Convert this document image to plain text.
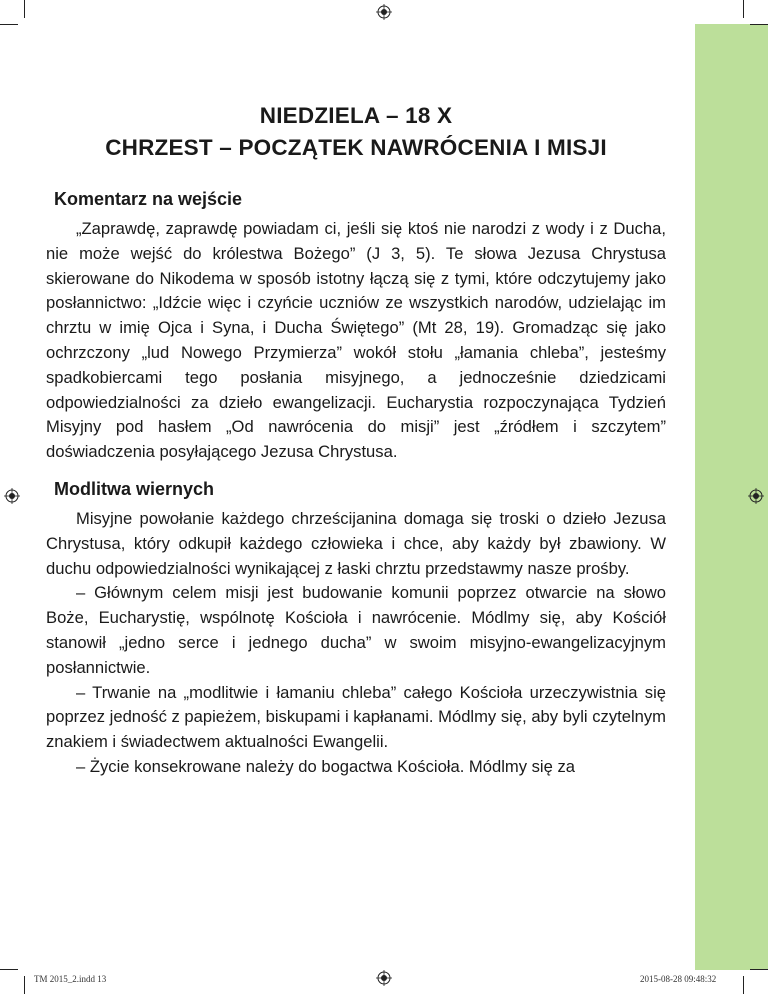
NIEDZIELA – 18 X
CHRZEST – POCZĄTEK NAWRÓCENIA I MISJI
Komentarz na wejście

„Zaprawdę, zaprawdę powiadam ci, jeśli się ktoś nie narodzi z wody i z Ducha, nie może wejść do królestwa Bożego” (J 3, 5). Te słowa Jezusa Chrystusa skierowane do Nikodema w sposób istotny łączą się z tymi, które odczytujemy jako posłannictwo: „Idźcie więc i czyńcie uczniów ze wszystkich narodów, udzielając im chrztu w imię Ojca i Syna, i Ducha Świętego” (Mt 28, 19). Gromadząc się jako ochrzczony „lud Nowego Przymierza” wokół stołu „łamania chleba”, jesteśmy spadkobiercami tego posłania misyjnego, a jednocześnie dziedzicami odpowiedzialności za dzieło ewangelizacji. Eucharystia rozpoczynająca Tydzień Misyjny pod hasłem „Od nawrócenia do misji” jest „źródłem i szczytem” doświadczenia posyłającego Jezusa Chrystusa.

Modlitwa wiernych

Misyjne powołanie każdego chrześcijanina domaga się troski o dzieło Jezusa Chrystusa, który odkupił każdego człowieka i chce, aby każdy był zbawiony. W duchu odpowiedzialności wynikającej z łaski chrztu przedstawmy nasze prośby.

– Głównym celem misji jest budowanie komunii poprzez otwarcie na słowo Boże, Eucharystię, wspólnotę Kościoła i nawrócenie. Módlmy się, aby Kościół stanowił „jedno serce i jednego ducha” w swoim misyjno-ewangelizacyjnym posłannictwie.

– Trwanie na „modlitwie i łamaniu chleba” całego Kościoła urzeczywistnia się poprzez jedność z papieżem, biskupami i kapłanami. Módlmy się, aby byli czytelnym znakiem i świadectwem aktualności Ewangelii.

– Życie konsekrowane należy do bogactwa Kościoła. Módlmy się za

TM 2015_2.indd 13	2015-08-28 09:48:32
